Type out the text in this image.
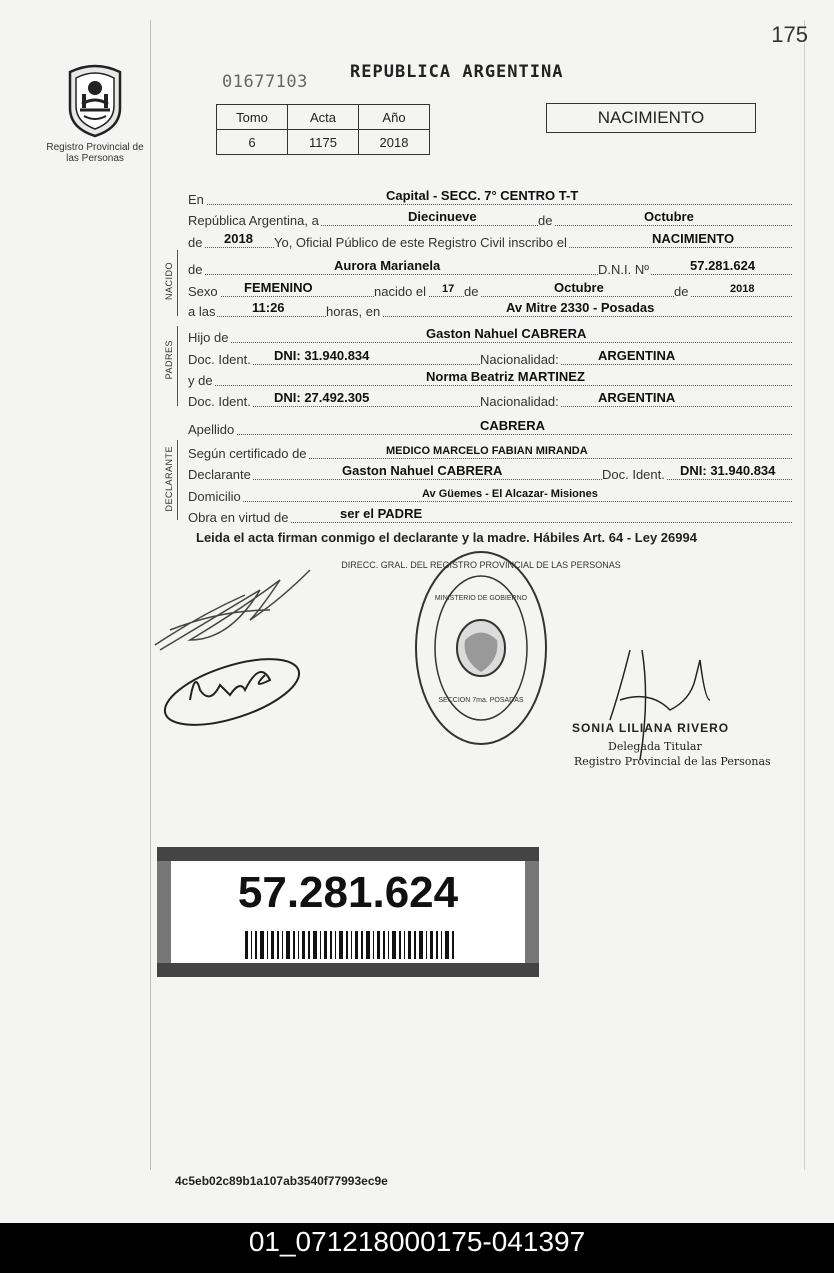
175
Registro Provincial de las Personas
01677103 REPUBLICA ARGENTINA
Tomo	Acta	Año
6	1175	2018
NACIMIENTO
NACIDO
PADRES
DECLARANTE
En	Capital - SECC. 7° CENTRO T-T
República Argentina, a	Diecinueve	de	Octubre
de 2018 Yo, Oficial Público de este Registro Civil inscribo el	NACIMIENTO
de	Aurora Marianela	D.N.I. Nº	57.281.624
Sexo FEMENINO	nacido el 17 de	Octubre	de	2018
a las	11:26	horas, en	Av Mitre 2330 - Posadas
Hijo de	Gaston Nahuel CABRERA
Doc. Ident. DNI: 31.940.834	Nacionalidad:	ARGENTINA
y de	Norma Beatriz MARTINEZ
Doc. Ident. DNI: 27.492.305	Nacionalidad:	ARGENTINA
Apellido	CABRERA
Según certificado de	MEDICO MARCELO FABIAN MIRANDA
Declarante	Gaston Nahuel CABRERA	Doc. Ident. DNI: 31.940.834
Domicilio	Av Güemes - El Alcazar- Misiones
Obra en virtud de	ser el PADRE
Leida el acta firman conmigo el declarante y la madre. Hábiles Art. 64 - Ley 26994
DIRECC. GRAL. DEL REGISTRO PROVINCIAL DE LAS PERSONAS
MINISTERIO DE GOBIERNO
SECCION 7ma. POSADAS
SONIA LILIANA RIVERO
Delegada Titular
Registro Provincial de las Personas
57.281.624
4c5eb02c89b1a107ab3540f77993ec9e
01_071218000175-041397
